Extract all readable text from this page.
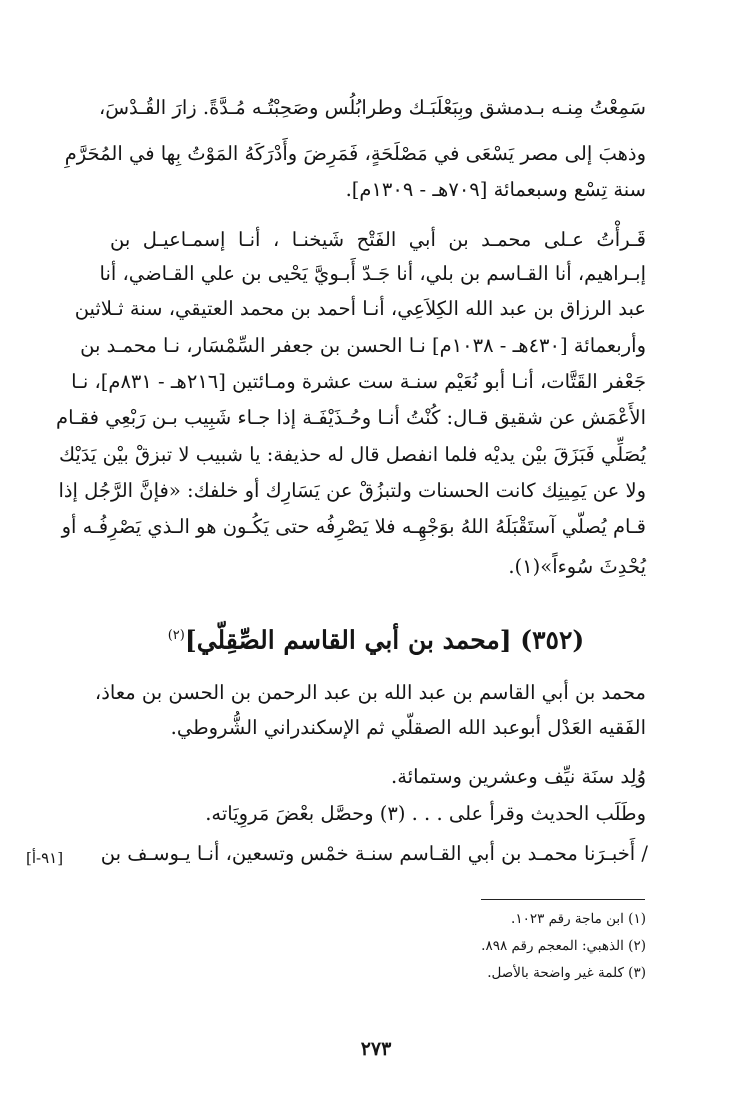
سَمِعْتُ مِنـه بـدمشق وبِبَعْلَبَـك وطرابُلُس وصَحِبْتُـه مُـدَّةً. زارَ القُـدْسَ،
وذهبَ إلى مصر يَسْعَى في مَصْلَحَةٍ، فَمَرِضَ وأَدْرَكَهُ المَوْتُ بِها في المُحَرَّمِ
سنة تِسْع وسبعمائة [٧٠٩هـ - ١٣٠٩م].
قَـرأْتُ عـلى محمـد بن أبي الفَتْح شَيخنـا ، أنـا إسمـاعيـل بن
إبـراهيم، أنا القـاسم بن بلي، أنا جَـدّ أَبـويَّ يَحْيى بن علي القـاضي، أنا
عبد الرزاق بن عبد الله الكِلاَعِي، أنـا أحمد بن محمد العتيقي، سنة ثـلاثين
وأربعمائة [٤٣٠هـ - ١٠٣٨م] نـا الحسن بن جعفر السِّمْسَار، نـا محمـد بن
جَعْفر القَتَّات، أنـا أبو نُعَيْم سنـة ست عشرة ومـائتين [٢١٦هـ - ٨٣١م]، نـا
الأَعْمَش عن شقيق قـال: كُنْتُ أنـا وحُـذَيْفَـة إذا جـاء شَبِيب بـن رَبْعِي فقـام
يُصَلِّي فَبَزَقَ بيْن يديْه فلما انفصل قال له حذيفة: يا شبيب لا تبزقْ بيْن يَدَيْك
ولا عن يَمِينِك كانت الحسنات ولتبزُقْ عن يَسَارِك أو خلفك: «فإنَّ الرَّجُل إذا
قـام يُصلّي آستَقْبَلَهُ اللهُ بوَجْهِـه فلا يَصْرِفُه حتى يَكُـون هو الـذي يَصْرِفُـه أو
يُحْدِثَ سُوءاً»(١).
(٣٥٢) [محمد بن أبي القاسم الصِّقِلّي]$^{(٢)}$
محمد بن أبي القاسم بن عبد الله بن عبد الرحمن بن الحسن بن معاذ،
الفَقيه العَدْل أبوعبد الله الصقلّي ثم الإسكندراني الشُّروطي.
وُلِد سنَة نيِّف وعشرين وستمائة.
وطَلَب الحديث وقرأ على . . . (٣) وحصَّل بعْضَ مَروِيَاته.
/ أَخبـرَنا محمـد بن أبي القـاسم سنـة خمْس وتسعين، أنـا يـوسـف بن
[٩١-أ]
(١) ابن ماجة رقم ١٠٢٣.
(٢) الذهبي: المعجم رقم ٨٩٨.
(٣) كلمة غير واضحة بالأصل.
٢٧٣
